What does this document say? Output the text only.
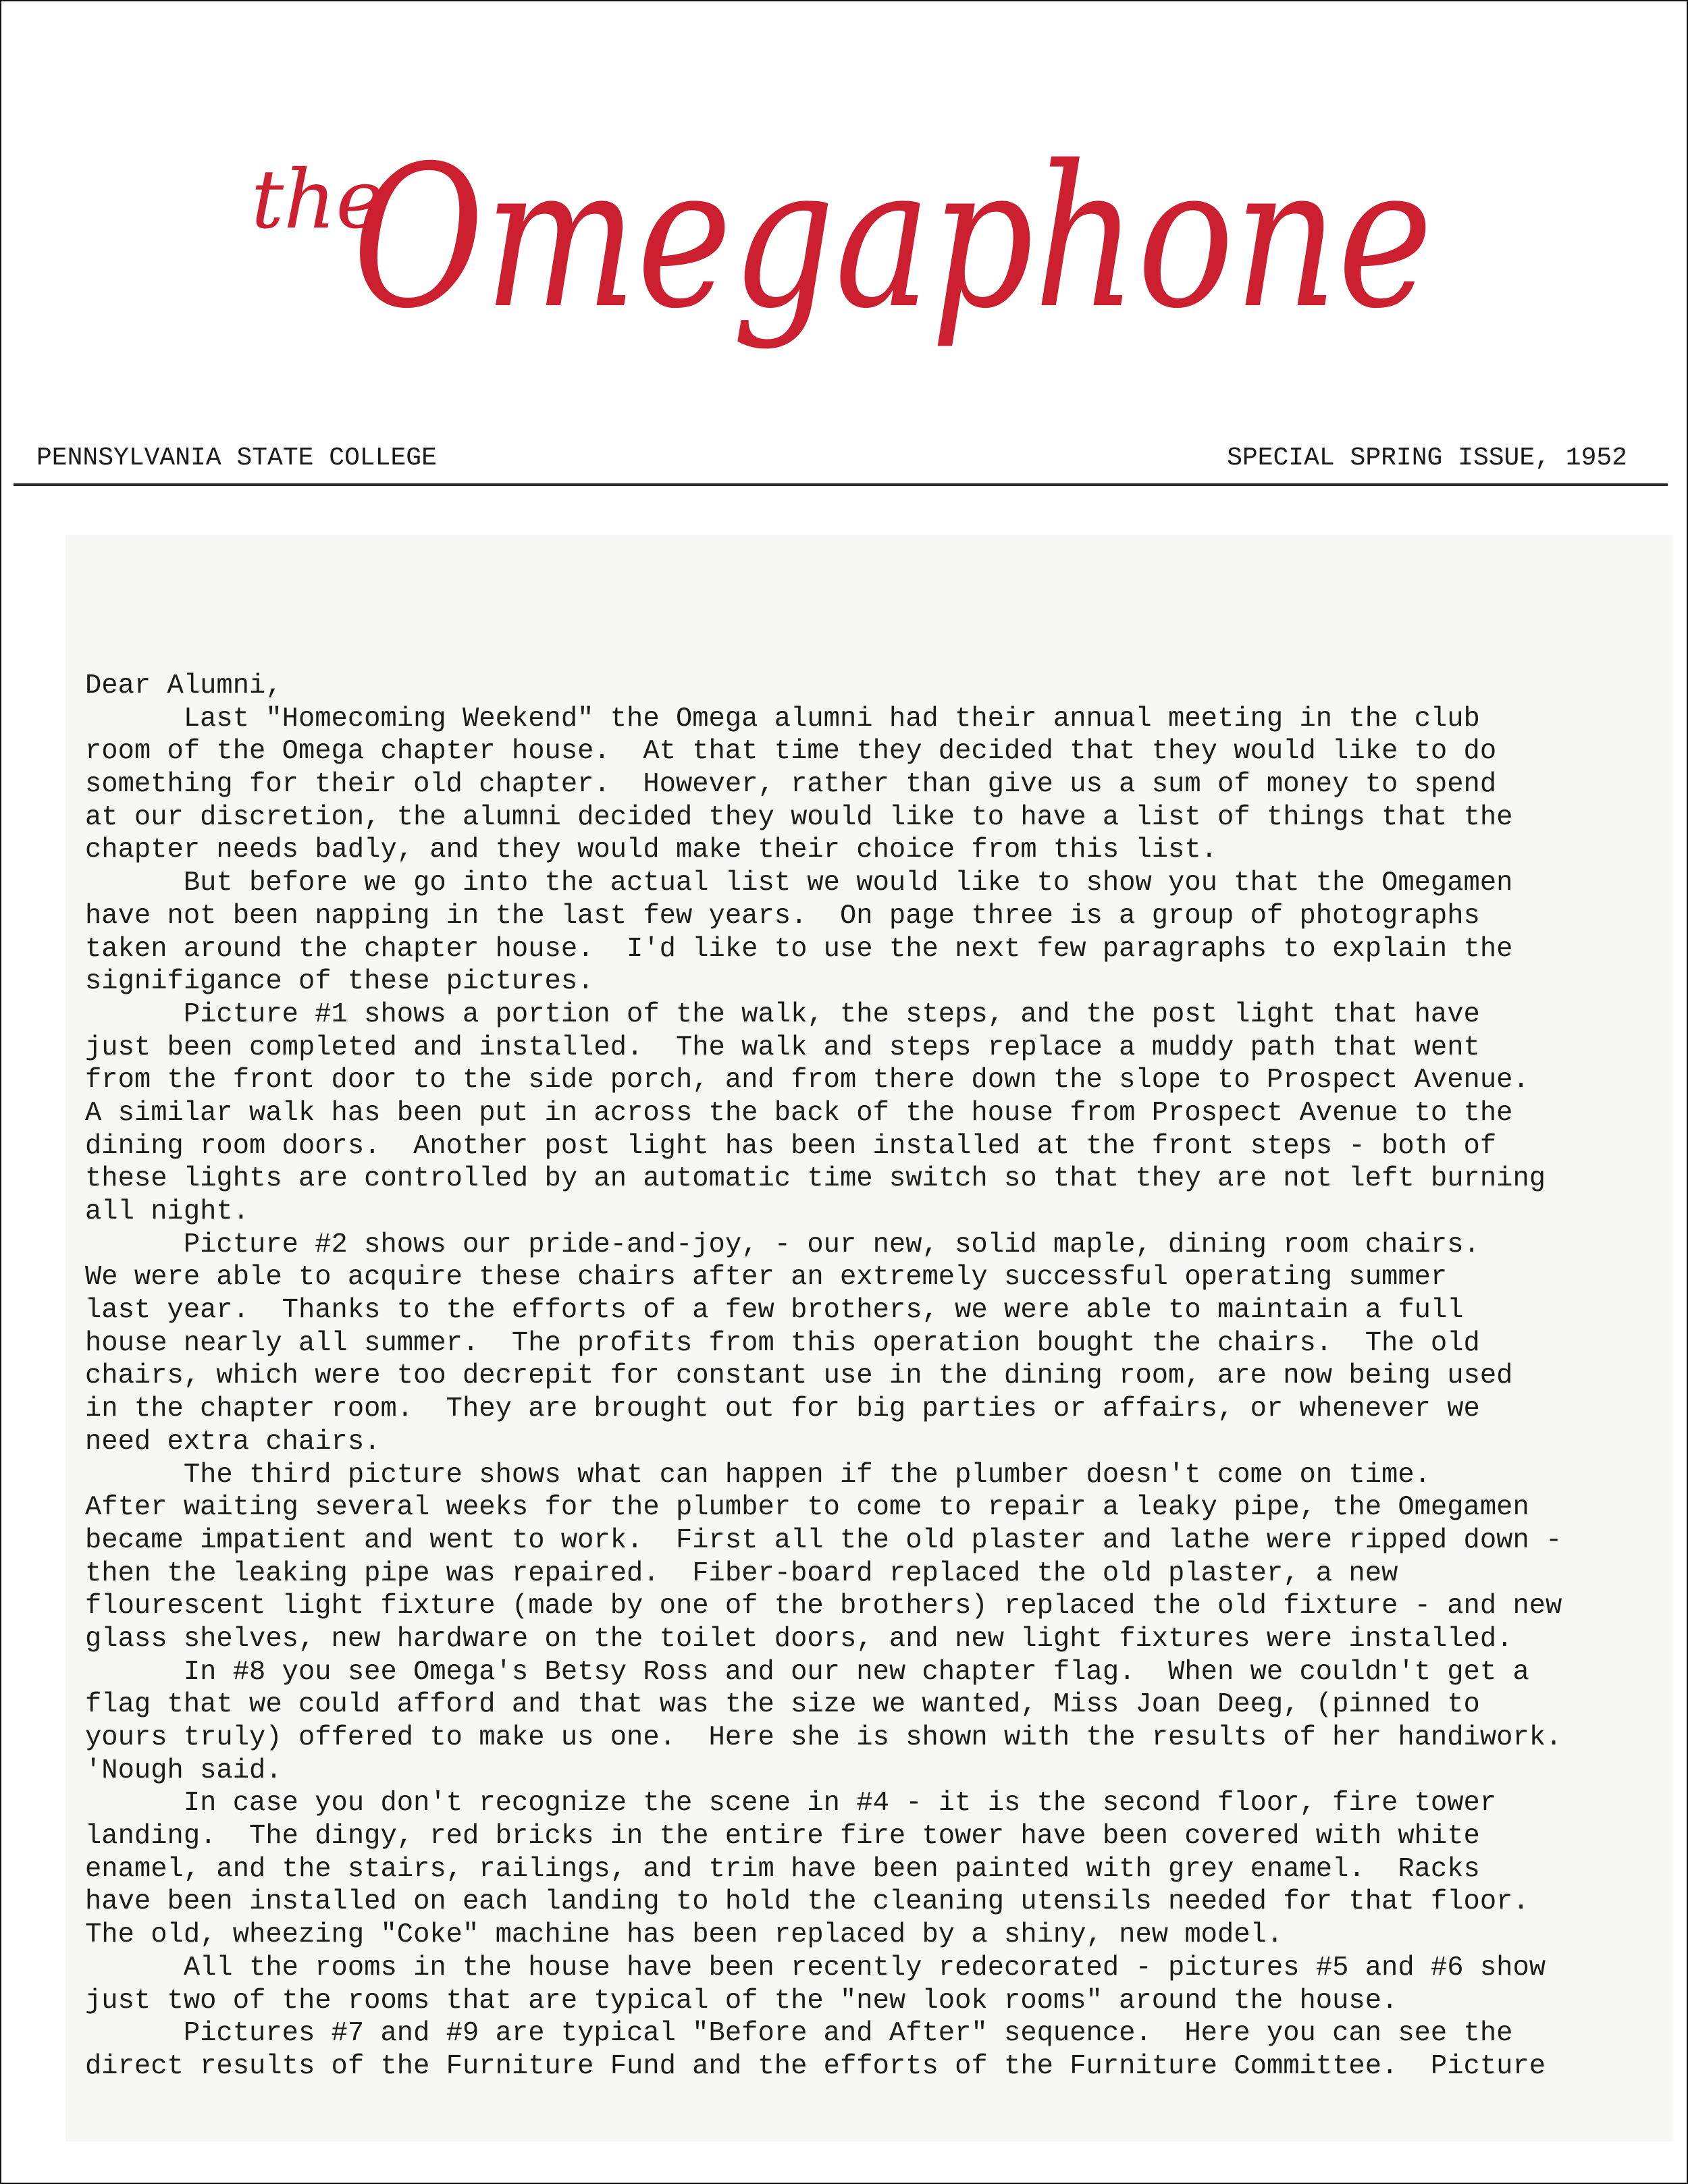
the
Omegaphone
PENNSYLVANIA STATE COLLEGE	SPECIAL SPRING ISSUE, 1952
Dear Alumni,
Last "Homecoming Weekend" the Omega alumni had their annual meeting in the club
room of the Omega chapter house.  At that time they decided that they would like to do
something for their old chapter.  However, rather than give us a sum of money to spend
at our discretion, the alumni decided they would like to have a list of things that the
chapter needs badly, and they would make their choice from this list.
But before we go into the actual list we would like to show you that the Omegamen
have not been napping in the last few years.  On page three is a group of photographs
taken around the chapter house.  I'd like to use the next few paragraphs to explain the
signifigance of these pictures.
Picture #1 shows a portion of the walk, the steps, and the post light that have
just been completed and installed.  The walk and steps replace a muddy path that went
from the front door to the side porch, and from there down the slope to Prospect Avenue.
A similar walk has been put in across the back of the house from Prospect Avenue to the
dining room doors.  Another post light has been installed at the front steps - both of
these lights are controlled by an automatic time switch so that they are not left burning
all night.
Picture #2 shows our pride-and-joy, - our new, solid maple, dining room chairs.
We were able to acquire these chairs after an extremely successful operating summer
last year.  Thanks to the efforts of a few brothers, we were able to maintain a full
house nearly all summer.  The profits from this operation bought the chairs.  The old
chairs, which were too decrepit for constant use in the dining room, are now being used
in the chapter room.  They are brought out for big parties or affairs, or whenever we
need extra chairs.
The third picture shows what can happen if the plumber doesn't come on time.
After waiting several weeks for the plumber to come to repair a leaky pipe, the Omegamen
became impatient and went to work.  First all the old plaster and lathe were ripped down -
then the leaking pipe was repaired.  Fiber-board replaced the old plaster, a new
flourescent light fixture (made by one of the brothers) replaced the old fixture - and new
glass shelves, new hardware on the toilet doors, and new light fixtures were installed.
In #8 you see Omega's Betsy Ross and our new chapter flag.  When we couldn't get a
flag that we could afford and that was the size we wanted, Miss Joan Deeg, (pinned to
yours truly) offered to make us one.  Here she is shown with the results of her handiwork.
'Nough said.
In case you don't recognize the scene in #4 - it is the second floor, fire tower
landing.  The dingy, red bricks in the entire fire tower have been covered with white
enamel, and the stairs, railings, and trim have been painted with grey enamel.  Racks
have been installed on each landing to hold the cleaning utensils needed for that floor.
The old, wheezing "Coke" machine has been replaced by a shiny, new model.
All the rooms in the house have been recently redecorated - pictures #5 and #6 show
just two of the rooms that are typical of the "new look rooms" around the house.
Pictures #7 and #9 are typical "Before and After" sequence.  Here you can see the
direct results of the Furniture Fund and the efforts of the Furniture Committee.  Picture
